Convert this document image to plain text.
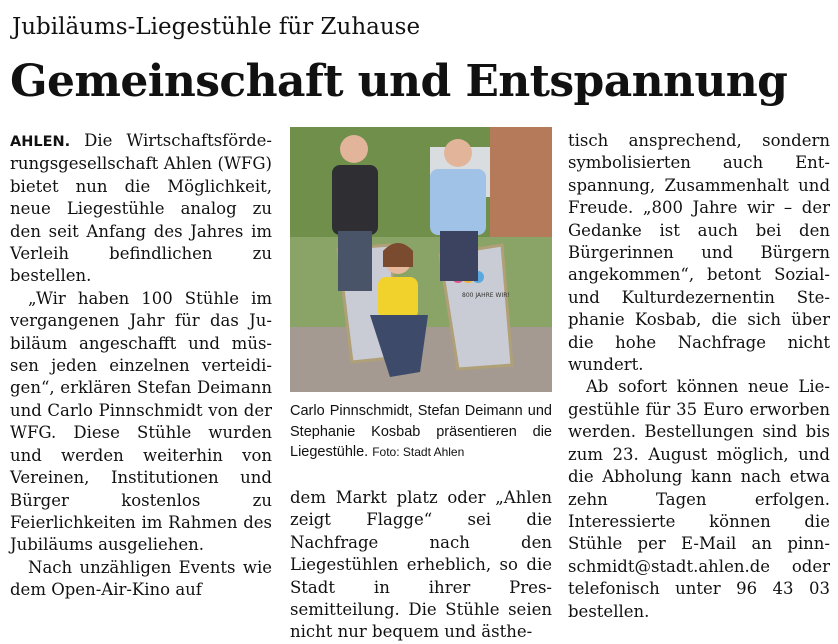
Jubiläums-Liegestühle für Zuhause
Gemeinschaft und Entspannung

AHLEN. Die Wirtschaftsförderungsgesellschaft Ahlen (WFG) bietet nun die Möglichkeit, neue Liegestühle analog zu den seit Anfang des Jahres im Verleih befindlichen zu bestellen.

„Wir haben 100 Stühle im vergangenen Jahr für das Jubiläum angeschafft und müssen jeden einzelnen verteidigen“, erklären Stefan Deimann und Carlo Pinnschmidt von der WFG. Diese Stühle wurden und werden weiterhin von Vereinen, Institutionen und Bürger kostenlos zu Feierlichkeiten im Rahmen des Jubiläums ausgeliehen.

Nach unzähligen Events wie dem Open-Air-Kino auf

800 JAHRE WIR!
Carlo Pinnschmidt, Stefan Deimann und Stephanie Kosbab präsentieren die Liegestühle. Foto: Stadt Ahlen

dem Markt platz oder „Ahlen zeigt Flagge“ sei die Nachfrage nach den Liegestühlen erheblich, so die Stadt in ihrer Pressemitteilung. Die Stühle seien nicht nur bequem und ästhe-

tisch ansprechend, sondern symbolisierten auch Entspannung, Zusammenhalt und Freude. „800 Jahre wir – der Gedanke ist auch bei den Bürgerinnen und Bürgern angekommen“, betont Sozial- und Kulturdezernentin Stephanie Kosbab, die sich über die hohe Nachfrage nicht wundert.

Ab sofort können neue Liegestühle für 35 Euro erworben werden. Bestellungen sind bis zum 23. August möglich, und die Abholung kann nach etwa zehn Tagen erfolgen. Interessierte können die Stühle per E-Mail an pinnschmidt@stadt.ahlen.de oder telefonisch unter 96 43 03 bestellen.
